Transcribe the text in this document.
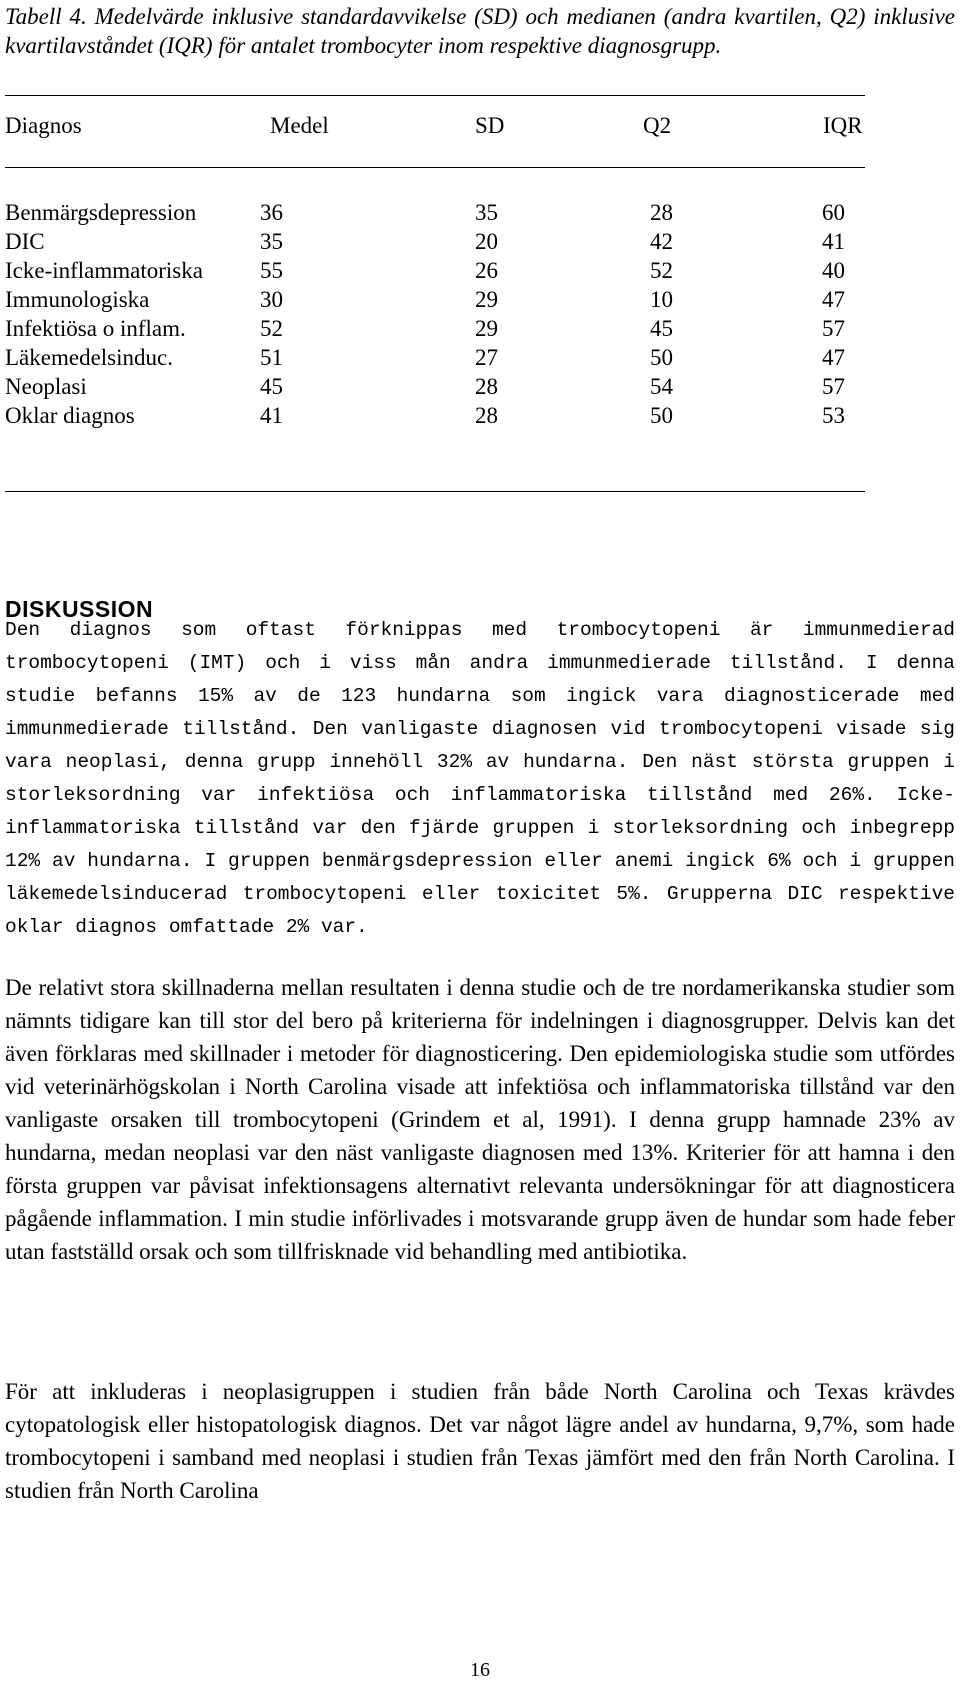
Tabell 4. Medelvärde inklusive standardavvikelse (SD) och medianen (andra kvartilen, Q2) inklusive kvartilavståndet (IQR) för antalet trombocyter inom respektive diagnosgrupp.
Diagnos	Medel	SD	Q2	IQR
Benmärgsdepression	36	35	28	60
DIC	35	20	42	41
Icke-inflammatoriska 55	26	52	40
Immunologiska	30	29	10	47
Infektiösa o inflam.	52	29	45	57
Läkemedelsinduc.	51	27	50	47
Neoplasi	45	28	54	57
Oklar diagnos	41	28	50	53
DISKUSSION

Den diagnos som oftast förknippas med trombocytopeni är immunmedierad trombocytopeni (IMT) och i viss mån andra immunmedierade tillstånd. I denna studie befanns 15% av de 123 hundarna som ingick vara diagnosticerade med immunmedierade tillstånd. Den vanligaste diagnosen vid trombocytopeni visade sig vara neoplasi, denna grupp innehöll 32% av hundarna. Den näst största gruppen i storleksordning var infektiösa och inflammatoriska tillstånd med 26%. Icke-inflammatoriska tillstånd var den fjärde gruppen i storleksordning och inbegrepp 12% av hundarna. I gruppen benmärgsdepression eller anemi ingick 6% och i gruppen läkemedelsinducerad trombocytopeni eller toxicitet 5%. Grupperna DIC respektive oklar diagnos omfattade 2% var.

De relativt stora skillnaderna mellan resultaten i denna studie och de tre nordamerikanska studier som nämnts tidigare kan till stor del bero på kriterierna för indelningen i diagnosgrupper. Delvis kan det även förklaras med skillnader i metoder för diagnosticering. Den epidemiologiska studie som utfördes vid veterinärhögskolan i North Carolina visade att infektiösa och inflammatoriska tillstånd var den vanligaste orsaken till trombocytopeni (Grindem et al, 1991). I denna grupp hamnade 23% av hundarna, medan neoplasi var den näst vanligaste diagnosen med 13%. Kriterier för att hamna i den första gruppen var påvisat infektionsagens alternativt relevanta undersökningar för att diagnosticera pågående inflammation. I min studie införlivades i motsvarande grupp även de hundar som hade feber utan fastställd orsak och som tillfrisknade vid behandling med antibiotika.

För att inkluderas i neoplasigruppen i studien från både North Carolina och Texas krävdes cytopatologisk eller histopatologisk diagnos. Det var något lägre andel av hundarna, 9,7%, som hade trombocytopeni i samband med neoplasi i studien från Texas jämfört med den från North Carolina. I studien från North Carolina

16
